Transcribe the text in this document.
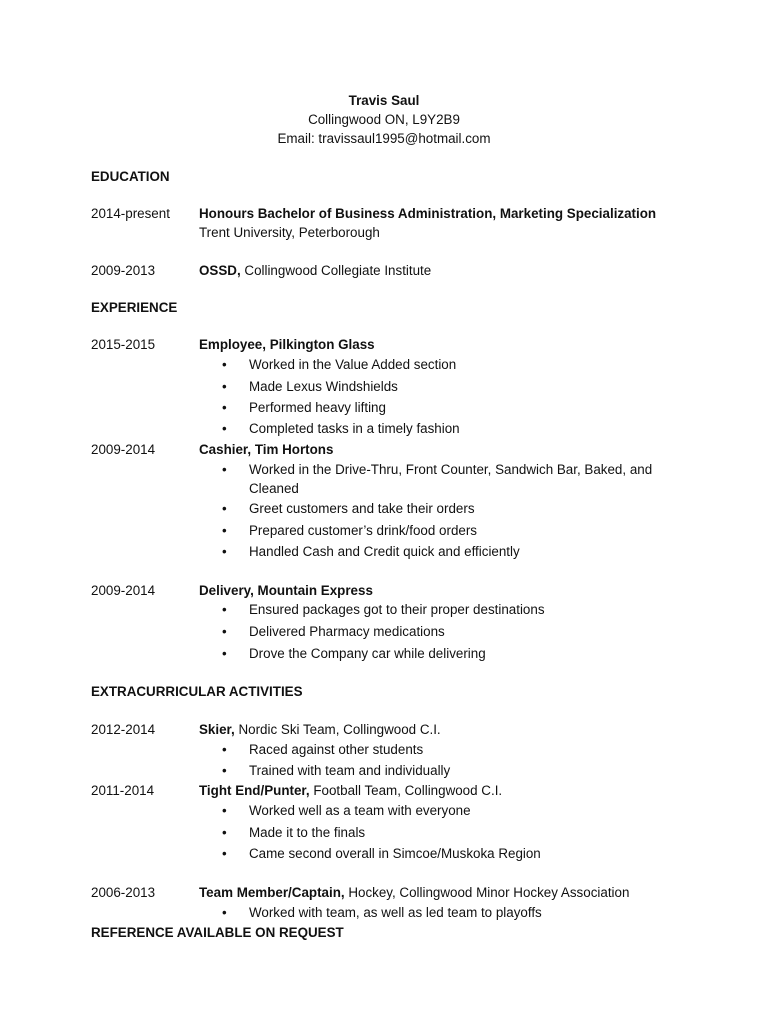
Travis Saul
Collingwood ON, L9Y2B9
Email: travissaul1995@hotmail.com
EDUCATION
2014-present Honours Bachelor of Business Administration, Marketing Specialization
Trent University, Peterborough
2009-2013	OSSD, Collingwood Collegiate Institute
EXPERIENCE
2015-2015	Employee, Pilkington Glass
• Worked in the Value Added section
• Made Lexus Windshields
• Performed heavy lifting
• Completed tasks in a timely fashion
2009-2014	Cashier, Tim Hortons
• Worked in the Drive-Thru, Front Counter, Sandwich Bar, Baked, and
Cleaned
• Greet customers and take their orders
• Prepared customer’s drink/food orders
• Handled Cash and Credit quick and efficiently
2009-2014	Delivery, Mountain Express
• Ensured packages got to their proper destinations
• Delivered Pharmacy medications
• Drove the Company car while delivering
EXTRACURRICULAR ACTIVITIES
2012-2014	Skier, Nordic Ski Team, Collingwood C.I.
• Raced against other students
• Trained with team and individually
2011-2014	Tight End/Punter, Football Team, Collingwood C.I.
• Worked well as a team with everyone
• Made it to the finals
• Came second overall in Simcoe/Muskoka Region
2006-2013	Team Member/Captain, Hockey, Collingwood Minor Hockey Association
• Worked with team, as well as led team to playoffs
REFERENCE AVAILABLE ON REQUEST
